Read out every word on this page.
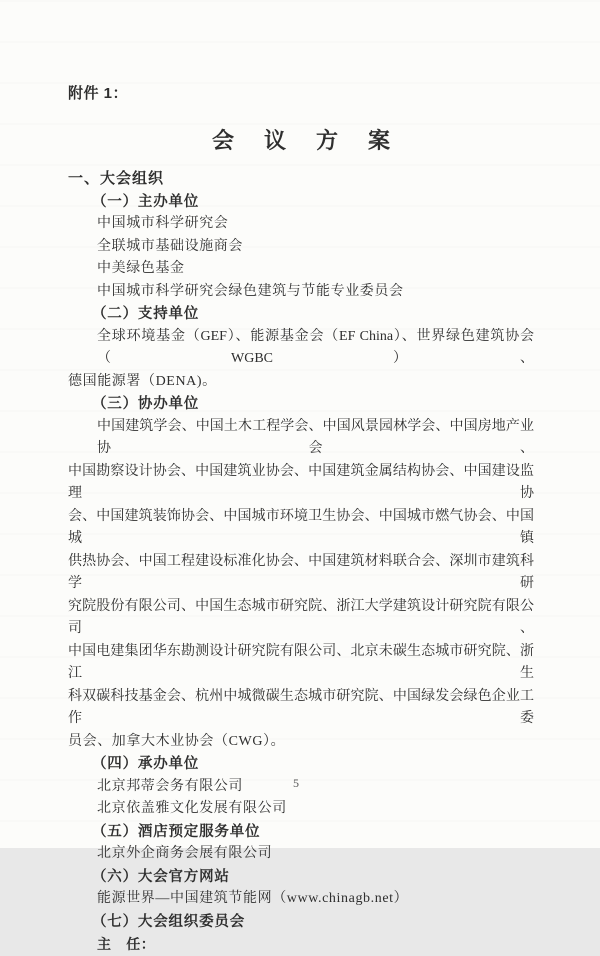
附件 1：
会议方案
一、大会组织
（一）主办单位
中国城市科学研究会
全联城市基础设施商会
中美绿色基金
中国城市科学研究会绿色建筑与节能专业委员会
（二）支持单位
全球环境基金（GEF）、能源基金会（EF China）、世界绿色建筑协会（WGBC）、
德国能源署（DENA)。
（三）协办单位
中国建筑学会、中国土木工程学会、中国风景园林学会、中国房地产业协会、
中国勘察设计协会、中国建筑业协会、中国建筑金属结构协会、中国建设监理协
会、中国建筑装饰协会、中国城市环境卫生协会、中国城市燃气协会、中国城镇
供热协会、中国工程建设标准化协会、中国建筑材料联合会、深圳市建筑科学研
究院股份有限公司、中国生态城市研究院、浙江大学建筑设计研究院有限公司、
中国电建集团华东勘测设计研究院有限公司、北京未碳生态城市研究院、浙江生
科双碳科技基金会、杭州中城微碳生态城市研究院、中国绿发会绿色企业工作委
员会、加拿大木业协会（CWG）。
（四）承办单位
北京邦蒂会务有限公司
北京依盖雅文化发展有限公司
（五）酒店预定服务单位
北京外企商务会展有限公司
（六）大会官方网站
能源世界—中国建筑节能网（www.chinagb.net）
（七）大会组织委员会
主　任：
5
